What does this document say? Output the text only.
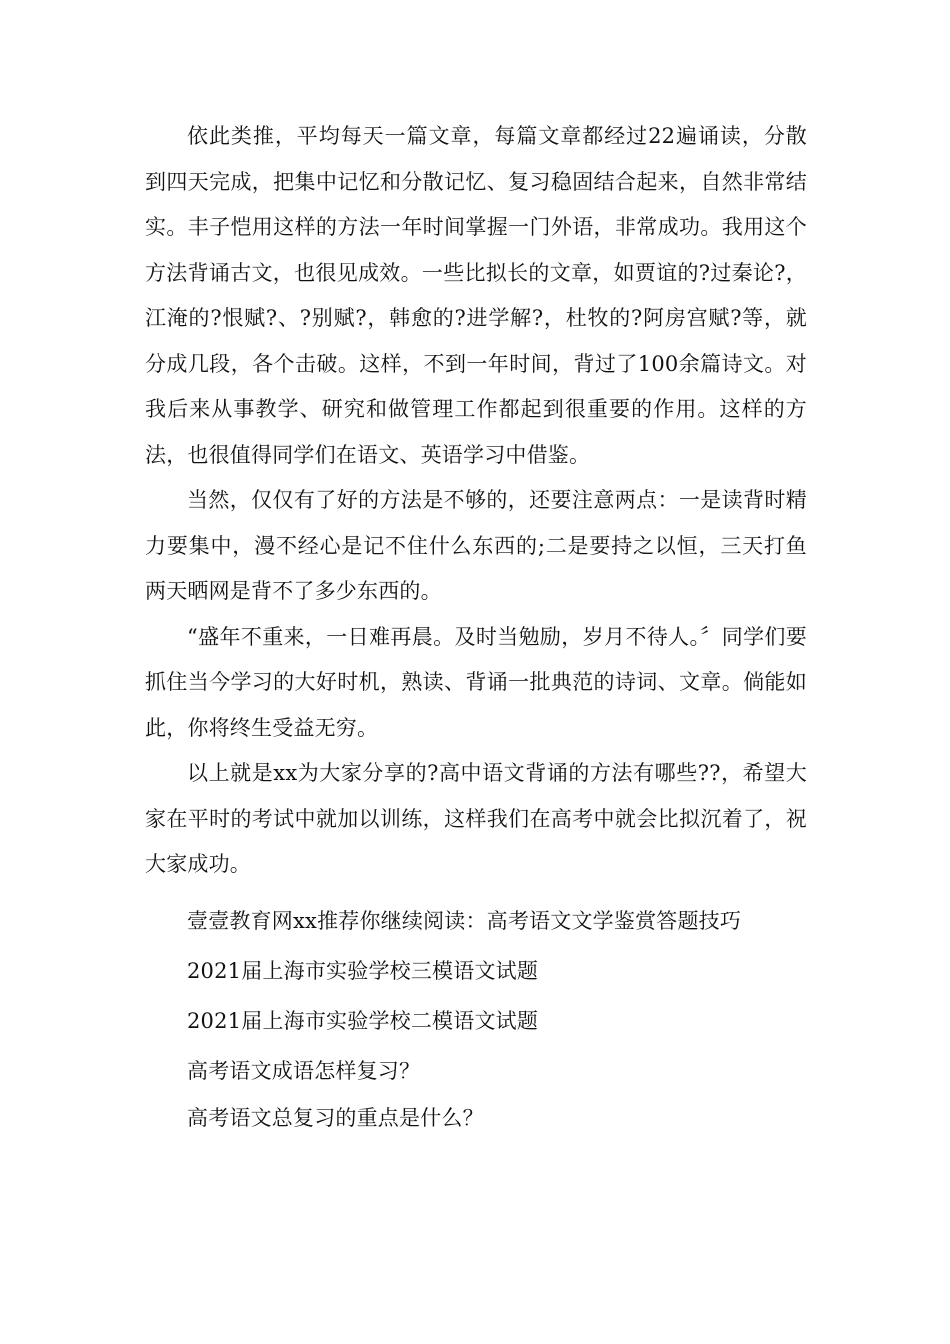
依此类推，平均每天一篇文章，每篇文章都经过22遍诵读，分散到四天完成，把集中记忆和分散记忆、复习稳固结合起来，自然非常结实。丰子恺用这样的方法一年时间掌握一门外语，非常成功。我用这个方法背诵古文，也很见成效。一些比拟长的文章，如贾谊的?过秦论?，江淹的?恨赋?、?别赋?，韩愈的?进学解?，杜牧的?阿房宫赋?等，就分成几段，各个击破。这样，不到一年时间，背过了100余篇诗文。对我后来从事教学、研究和做管理工作都起到很重要的作用。这样的方法，也很值得同学们在语文、英语学习中借鉴。

当然，仅仅有了好的方法是不够的，还要注意两点：一是读背时精力要集中，漫不经心是记不住什么东西的;二是要持之以恒，三天打鱼两天晒网是背不了多少东西的。

“盛年不重来，一日难再晨。及时当勉励，岁月不待人。〞同学们要抓住当今学习的大好时机，熟读、背诵一批典范的诗词、文章。倘能如此，你将终生受益无穷。

以上就是xx为大家分享的?高中语文背诵的方法有哪些??，希望大家在平时的考试中就加以训练，这样我们在高考中就会比拟沉着了，祝大家成功。

壹壹教育网xx推荐你继续阅读：高考语文文学鉴赏答题技巧

2021届上海市实验学校三模语文试题

2021届上海市实验学校二模语文试题

高考语文成语怎样复习？

高考语文总复习的重点是什么？
